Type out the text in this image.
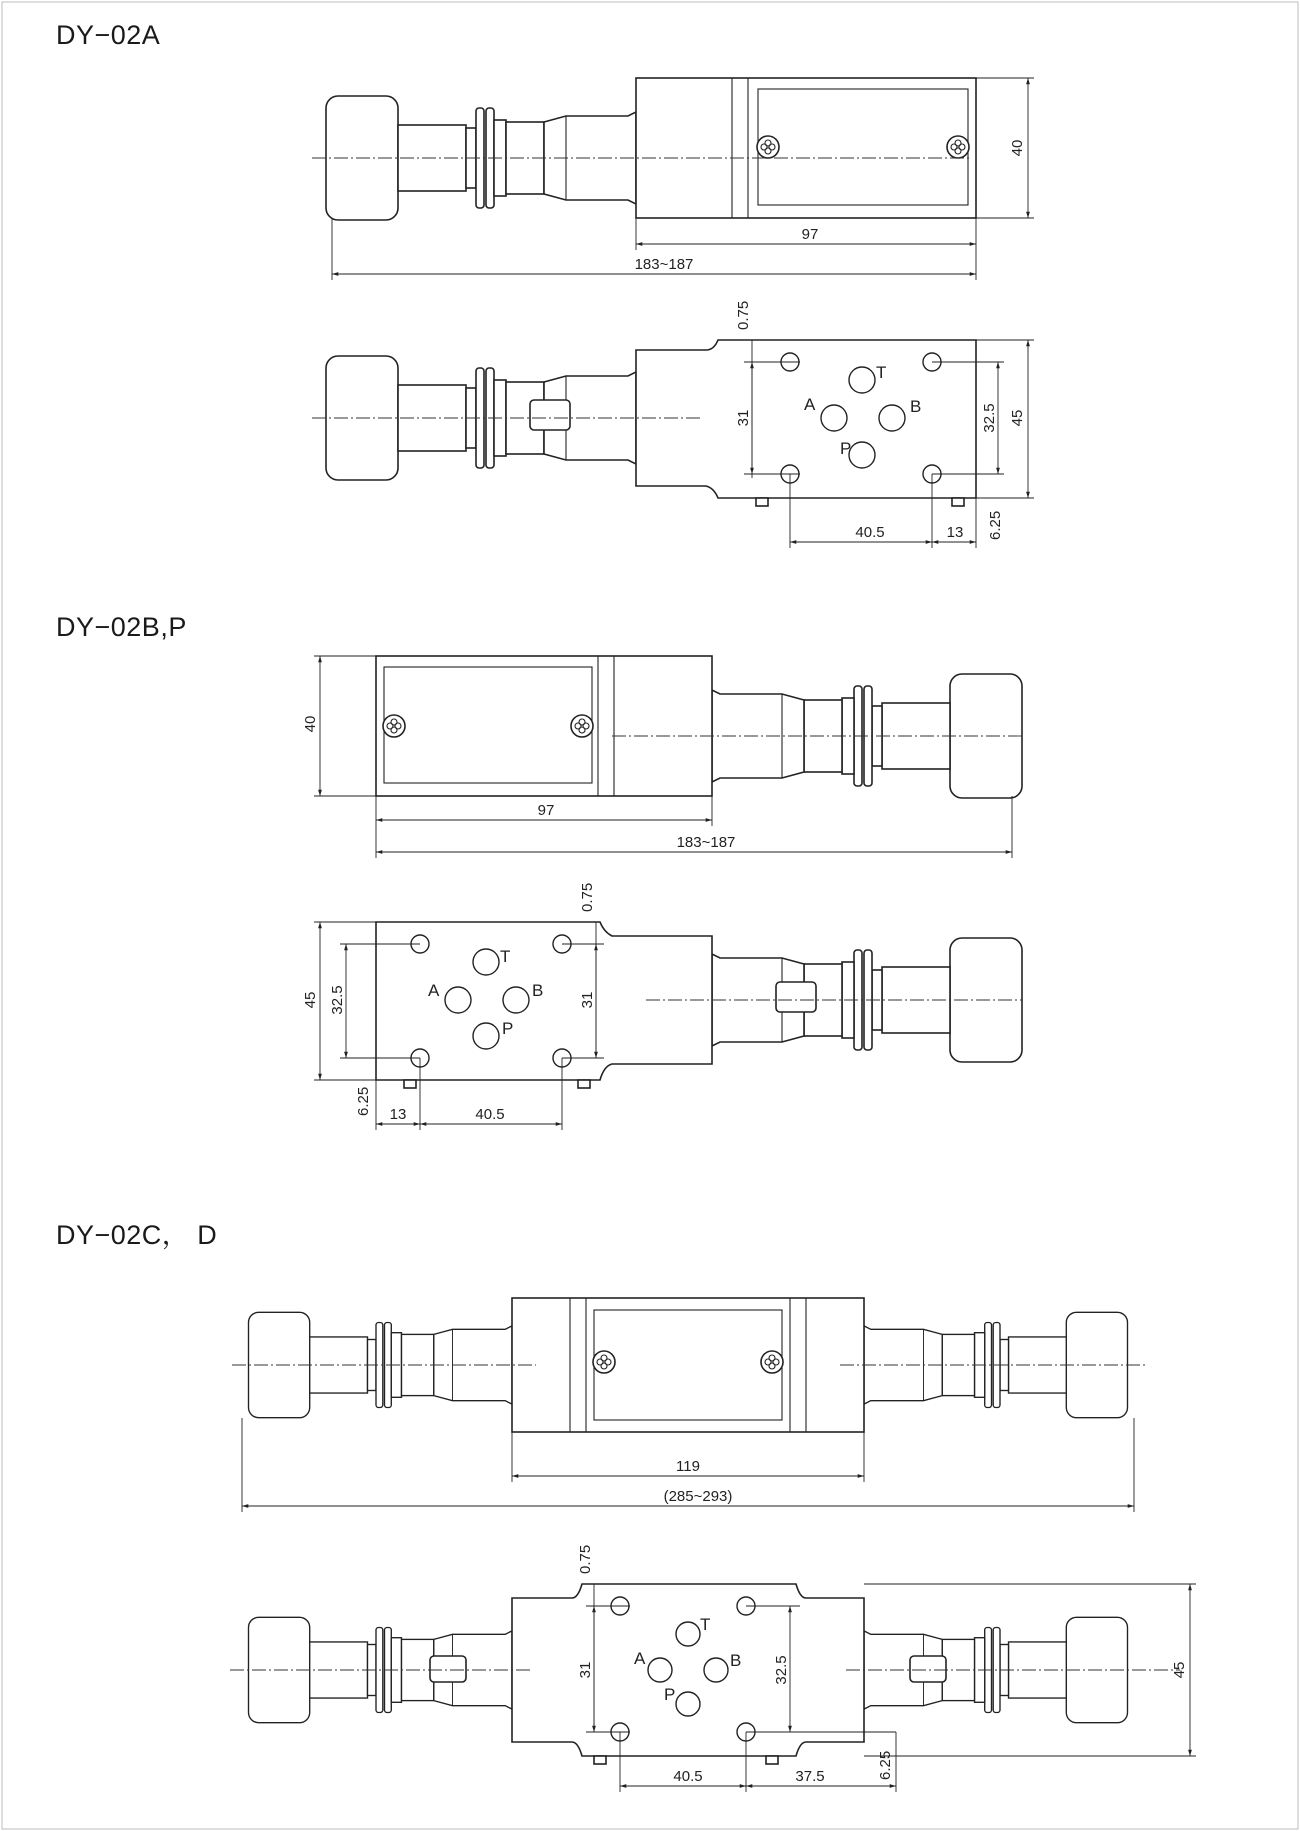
DY−02A
40
97
183~187
T
A	B
P
31
0.75
32.5 45
6.25
40.5	13
DY−02B,P
40
97
183~187
T
A	B
P
31
0.75
32.5
45
6.25 13	40.5
DY−02C， D
119
(285~293)
T
A	B
P
31
0.75
32.5	45
6.25
40.5	37.5
